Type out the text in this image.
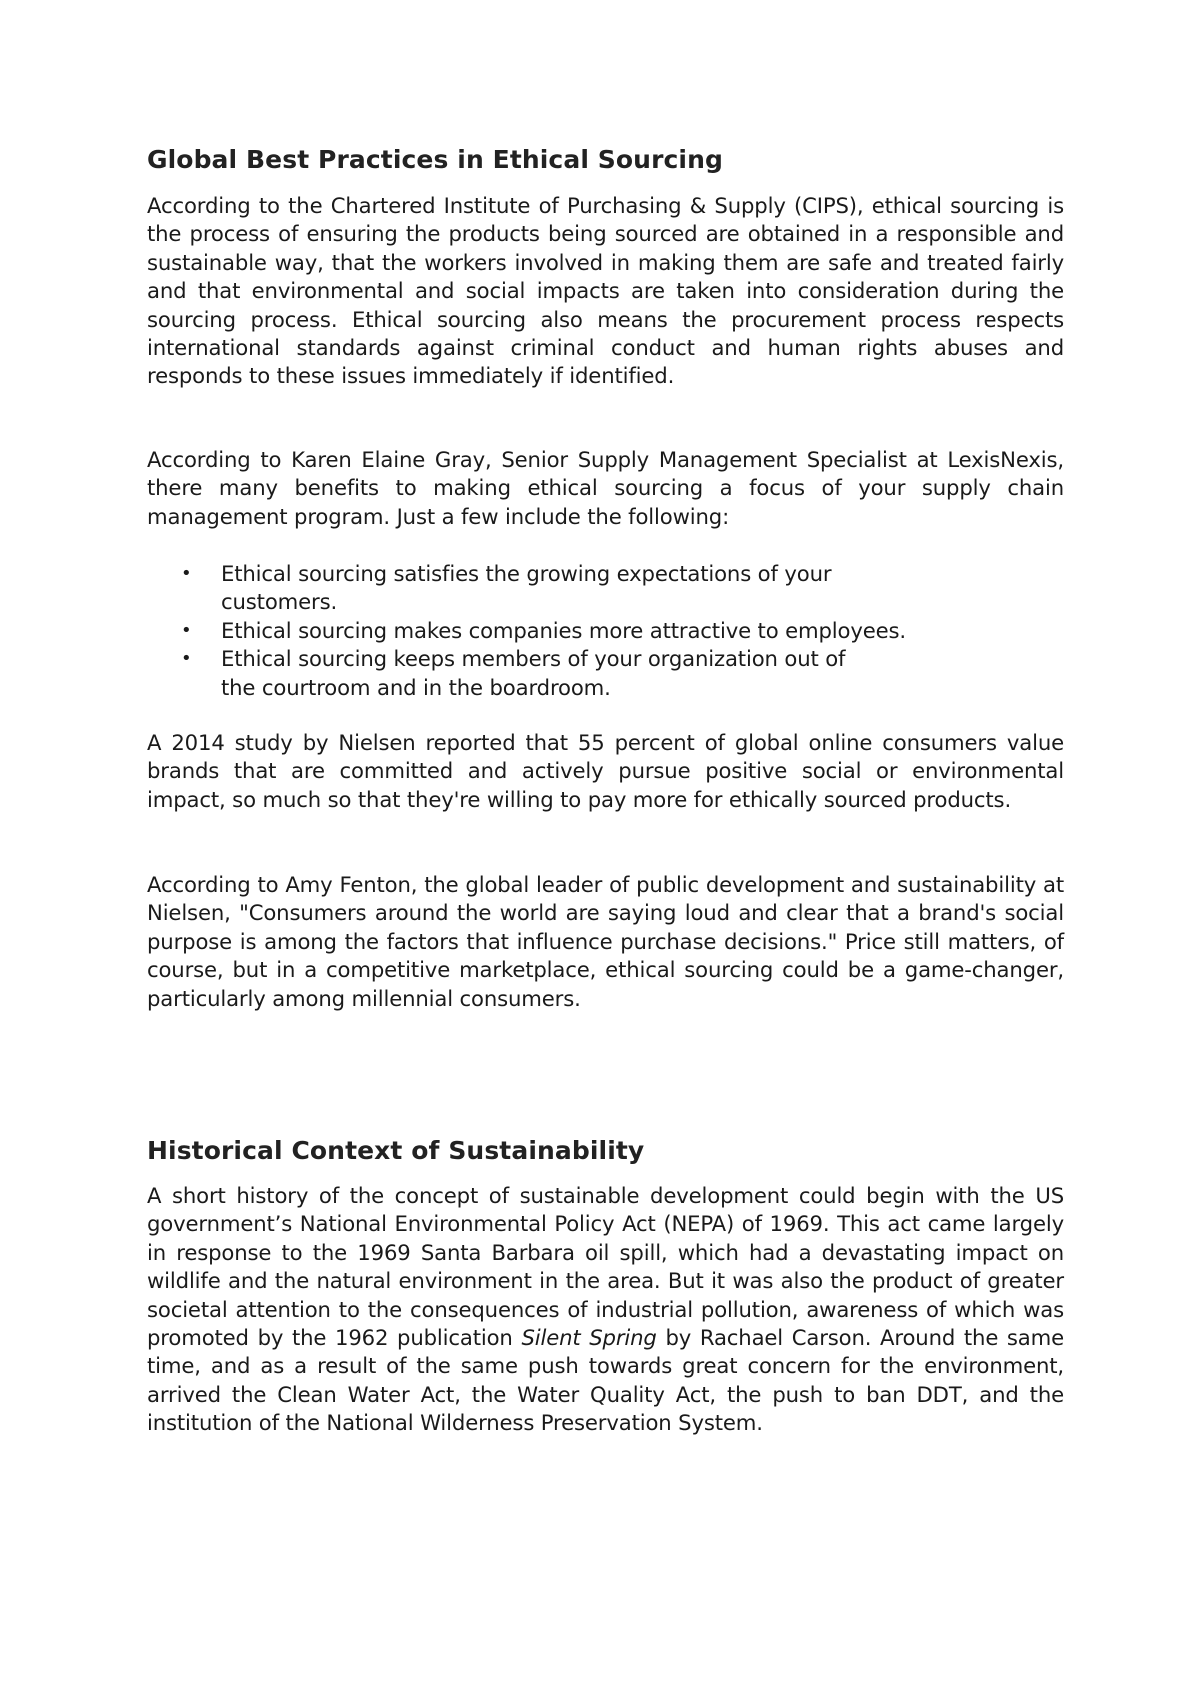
Global Best Practices in Ethical Sourcing

According to the Chartered Institute of Purchasing & Supply (CIPS), ethical sourcing is the process of ensuring the products being sourced are obtained in a responsible and sustainable way, that the workers involved in making them are safe and treated fairly and that environmental and social impacts are taken into consideration during the sourcing process. Ethical sourcing also means the procurement process respects international standards against criminal conduct and human rights abuses and responds to these issues immediately if identified.

According to Karen Elaine Gray, Senior Supply Management Specialist at LexisNexis, there many benefits to making ethical sourcing a focus of your supply chain management program. Just a few include the following:

• Ethical sourcing satisfies the growing expectations of your customers.
• Ethical sourcing makes companies more attractive to employees.
• Ethical sourcing keeps members of your organization out of the courtroom and in the boardroom.

A 2014 study by Nielsen reported that 55 percent of global online consumers value brands that are committed and actively pursue positive social or environmental impact, so much so that they're willing to pay more for ethically sourced products.

According to Amy Fenton, the global leader of public development and sustainability at Nielsen, "Consumers around the world are saying loud and clear that a brand's social purpose is among the factors that influence purchase decisions." Price still matters, of course, but in a competitive marketplace, ethical sourcing could be a game-changer, particularly among millennial consumers.

Historical Context of Sustainability

A short history of the concept of sustainable development could begin with the US government’s National Environmental Policy Act (NEPA) of 1969. This act came largely in response to the 1969 Santa Barbara oil spill, which had a devastating impact on wildlife and the natural environment in the area. But it was also the product of greater societal attention to the consequences of industrial pollution, awareness of which was promoted by the 1962 publication Silent Spring by Rachael Carson. Around the same time, and as a result of the same push towards great concern for the environment, arrived the Clean Water Act, the Water Quality Act, the push to ban DDT, and the institution of the National Wilderness Preservation System.
